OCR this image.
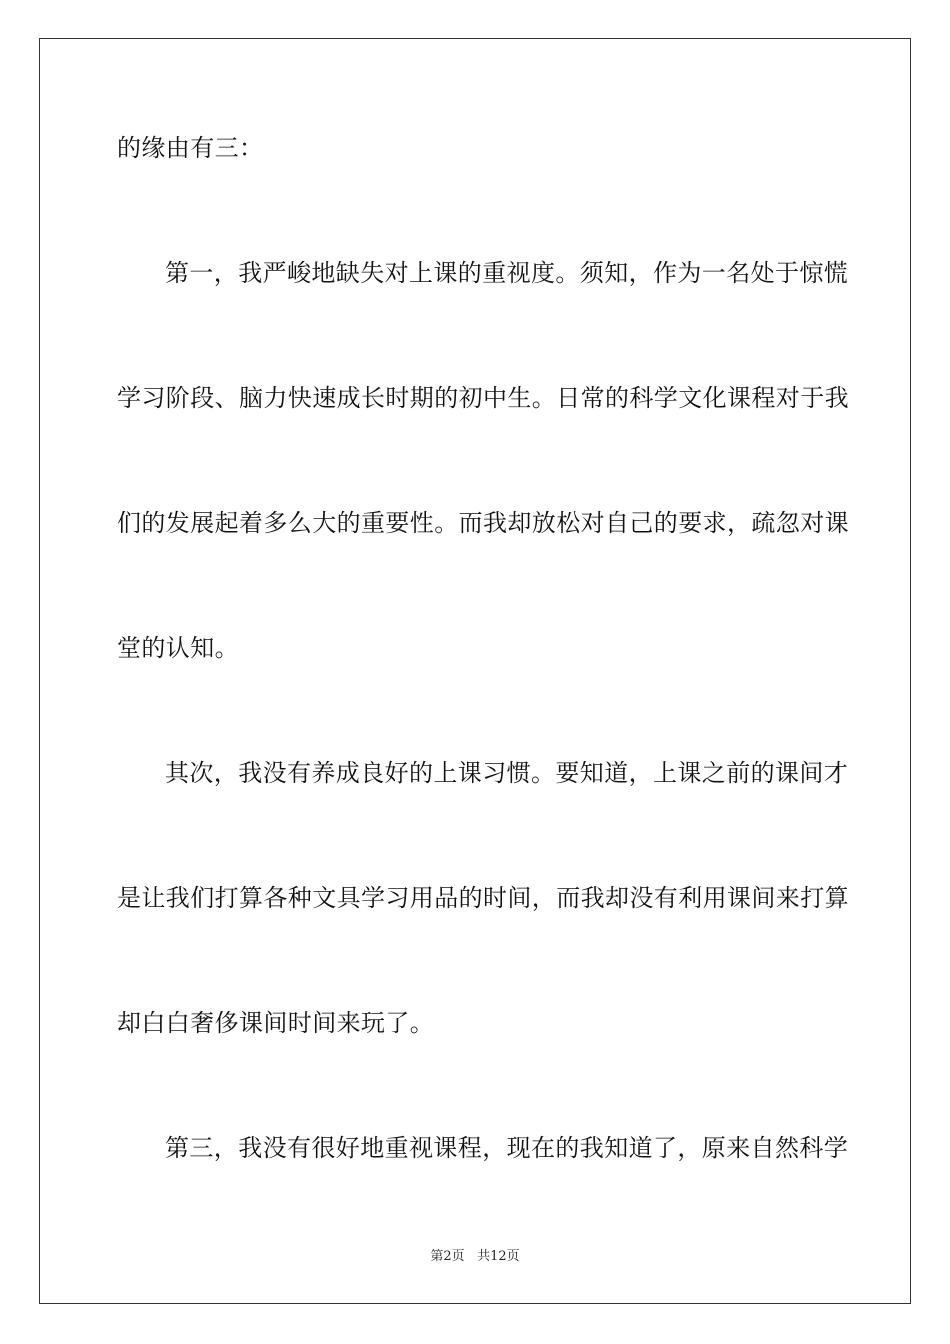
的缘由有三：
第一，我严峻地缺失对上课的重视度。须知，作为一名处于惊慌
学习阶段、脑力快速成长时期的初中生。日常的科学文化课程对于我
们的发展起着多么大的重要性。而我却放松对自己的要求，疏忽对课
堂的认知。
其次，我没有养成良好的上课习惯。要知道，上课之前的课间才
是让我们打算各种文具学习用品的时间，而我却没有利用课间来打算
却白白奢侈课间时间来玩了。
第三，我没有很好地重视课程，现在的我知道了，原来自然科学
第2页 共12页
